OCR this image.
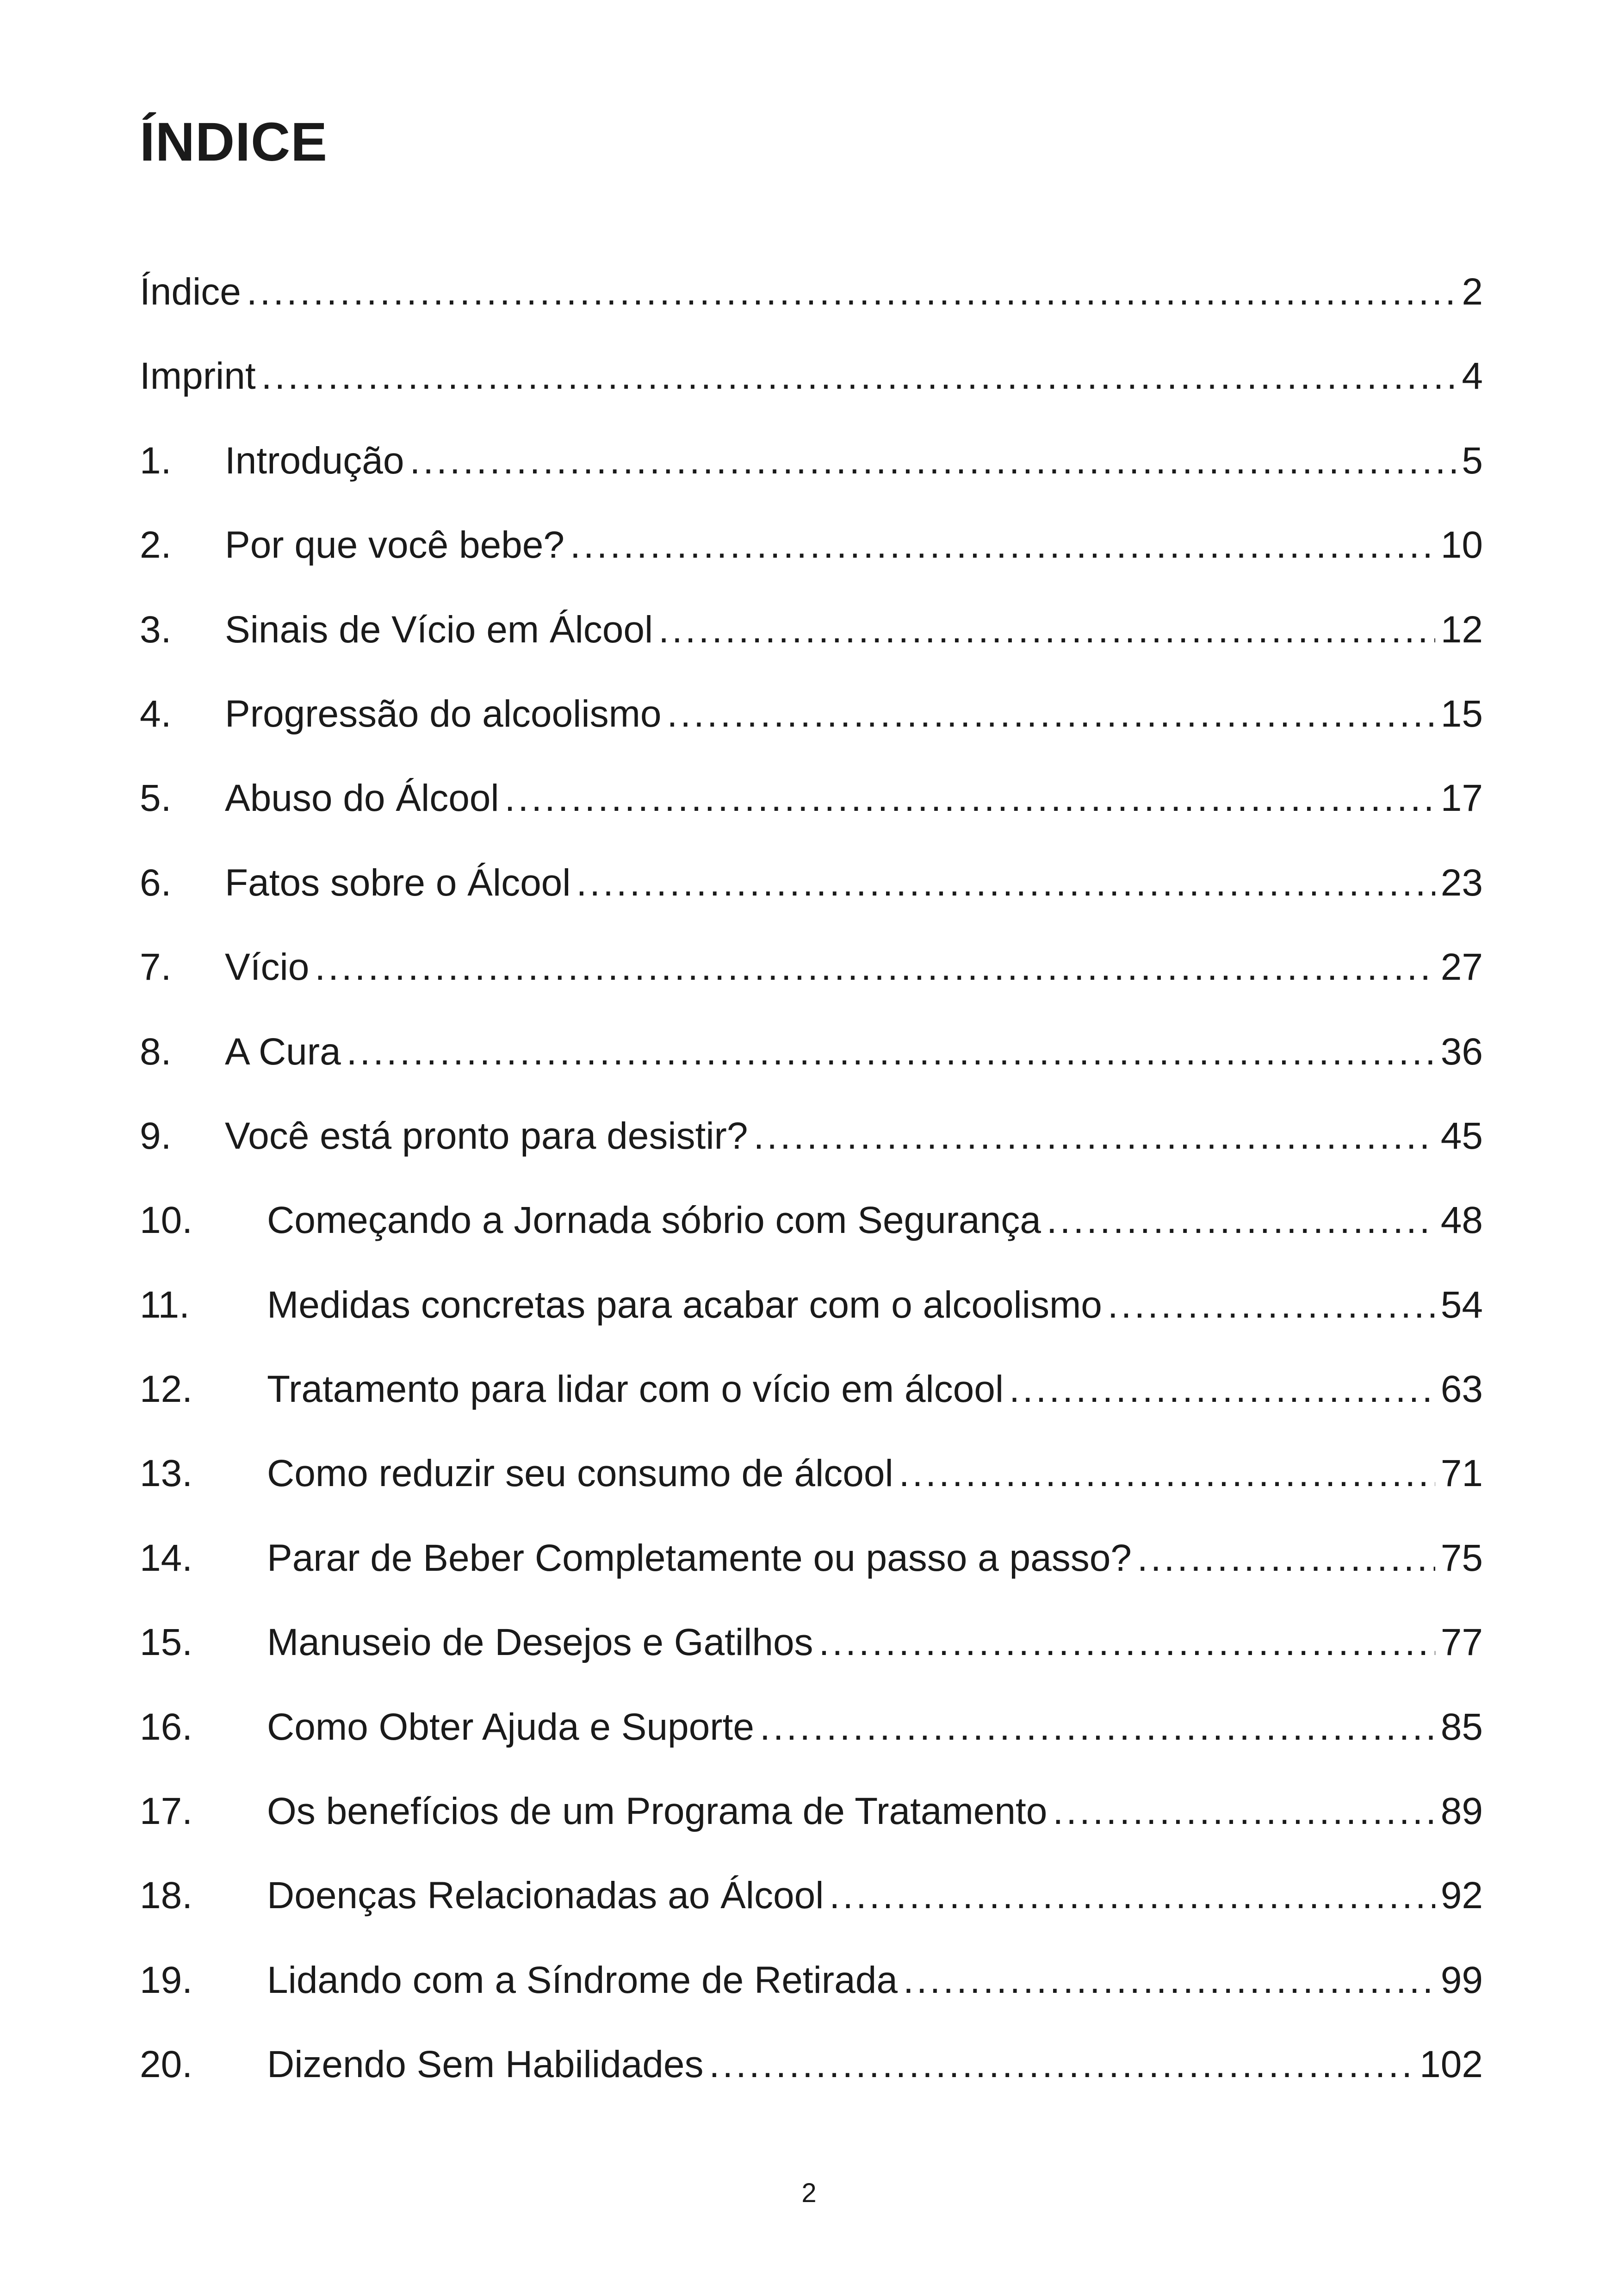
ÍNDICE
Índice .....	2
Imprint .....	4
1.	Introdução .....	5
2.	Por que você bebe? .....	10
3.	Sinais de Vício em Álcool .....	12
4.	Progressão do alcoolismo .....	15
5.	Abuso do Álcool .....	17
6.	Fatos sobre o Álcool .....	23
7.	Vício .....	27
8.	A Cura .....	36
9.	Você está pronto para desistir? .....	45
10.	Começando a Jornada sóbrio com Segurança .....	48
11.	Medidas concretas para acabar com o alcoolismo .....	54
12.	Tratamento para lidar com o vício em álcool .....	63
13.	Como reduzir seu consumo de álcool .....	71
14.	Parar de Beber Completamente ou passo a passo? .....	75
15.	Manuseio de Desejos e Gatilhos .....	77
16.	Como Obter Ajuda e Suporte .....	85
17.	Os benefícios de um Programa de Tratamento .....	89
18.	Doenças Relacionadas ao Álcool .....	92
19.	Lidando com a Síndrome de Retirada .....	99
20.	Dizendo Sem Habilidades .....	102
2
